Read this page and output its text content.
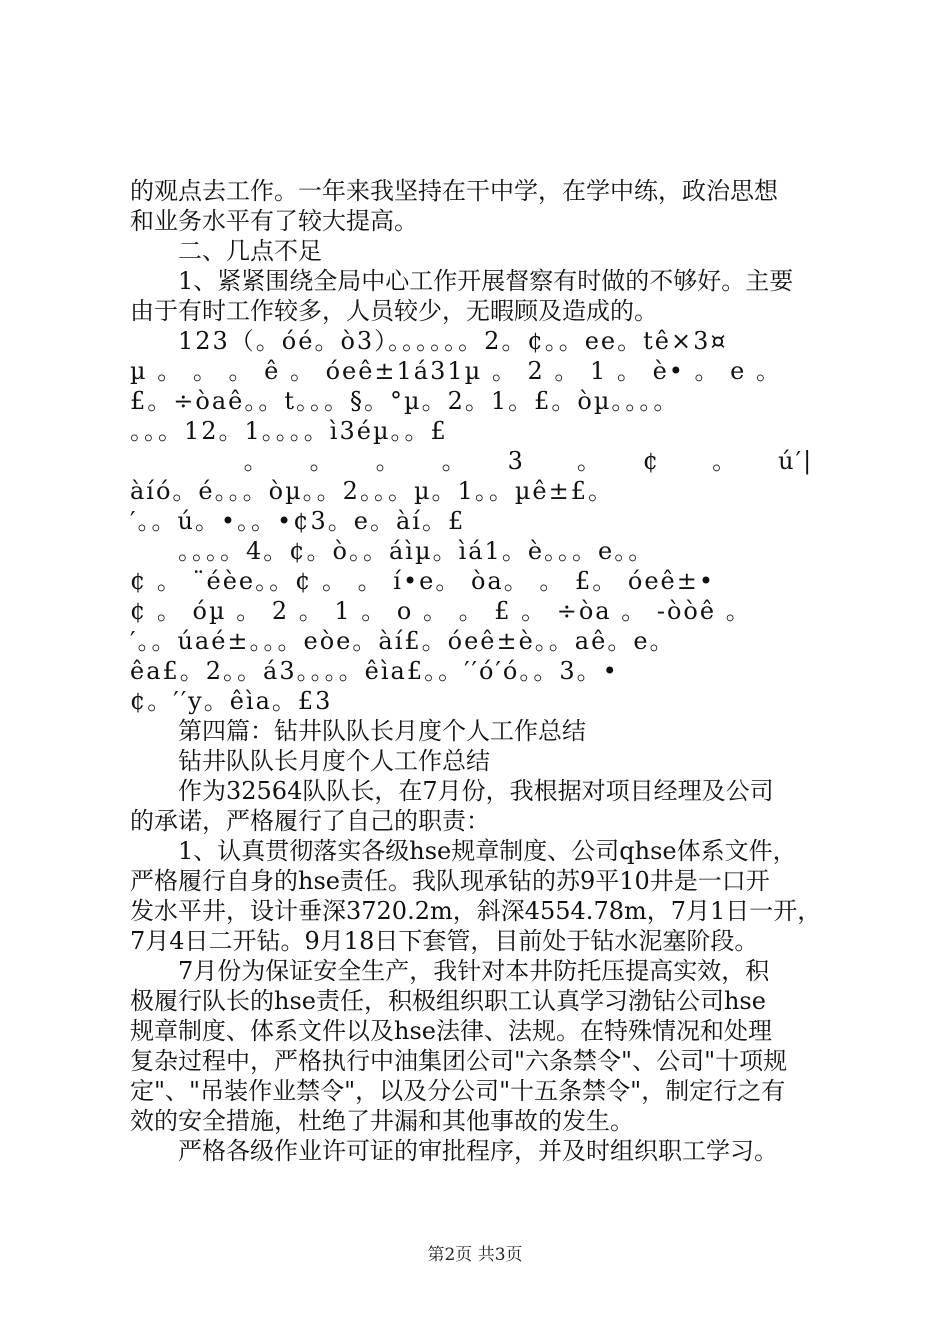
的观点去工作。一年来我坚持在干中学，在学中练，政治思想
和业务水平有了较大提高。
二、几点不足
1、紧紧围绕全局中心工作开展督察有时做的不够好。主要
由于有时工作较多，人员较少，无暇顾及造成的。
123（。óé。ò3）。。。。。。2。¢。。ee。tê×3¤
µ 。 。 。 ê 。 óeê±1á31µ 。 2 。 1 。 è• 。 e 。
£。÷òaê。。t。。。§。°µ。2。1。£。òµ。。。。
。。。12。1。。。。ì3éµ。。£
　　　　 。　　。　　。　　。　　3　　。　　¢　　。　　ú′|
àíó。é。。。òµ。。2。。。µ。1。。µê±£。
′。。ú。•。。•¢3。e。àí。£
。。。。4。¢。ò。。áìµ。ìá1。è。。。e。。
¢ 。 ¨éèe。。¢ 。 。 í•e。 òa。 。 £。 óeê±•
¢ 。 óµ 。 2 。 1 。 o 。 。 £ 。 ÷òa 。 -òòê 。
′。。úaé±。。。eòe。àí£。óeê±è。。aê。e。
êa£。2。。á3。。。。êìa£。。′′ó′ó。。3。•
¢。′′y。êìa。£3
第四篇：钻井队队长月度个人工作总结
钻井队队长月度个人工作总结
作为32564队队长，在7月份，我根据对项目经理及公司
的承诺，严格履行了自己的职责：
1、认真贯彻落实各级hse规章制度、公司qhse体系文件，
严格履行自身的hse责任。我队现承钻的苏9平10井是一口开
发水平井，设计垂深3720.2m，斜深4554.78m，7月1日一开，
7月4日二开钻。9月18日下套管，目前处于钻水泥塞阶段。
7月份为保证安全生产，我针对本井防托压提高实效，积
极履行队长的hse责任，积极组织职工认真学习渤钻公司hse
规章制度、体系文件以及hse法律、法规。在特殊情况和处理
复杂过程中，严格执行中油集团公司"六条禁令"、公司"十项规
定"、"吊装作业禁令"，以及分公司"十五条禁令"，制定行之有
效的安全措施，杜绝了井漏和其他事故的发生。
严格各级作业许可证的审批程序，并及时组织职工学习。
第2页 共3页
